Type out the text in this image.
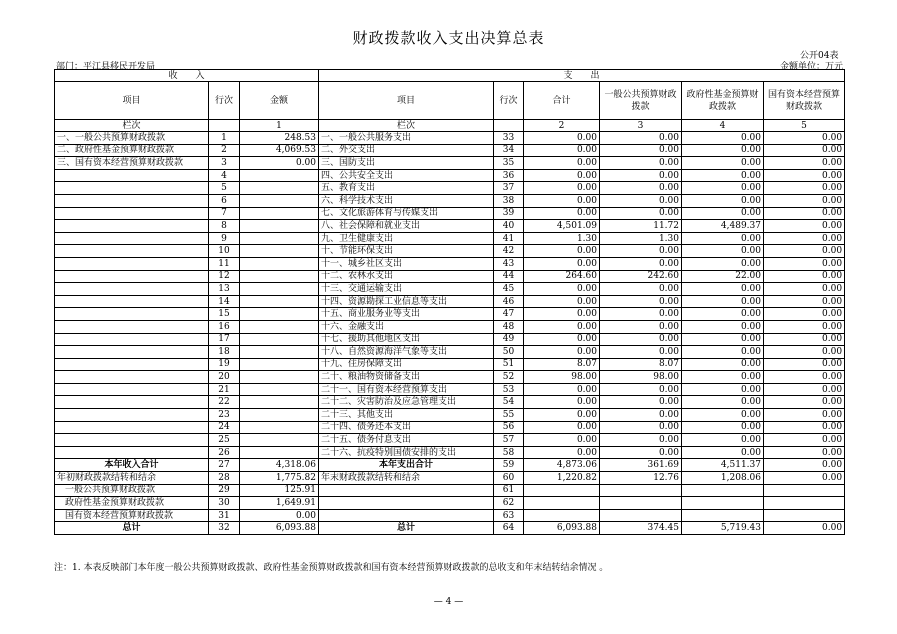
财政拨款收入支出决算总表
公开04表
部门：平江县移民开发局	金额单位：万元
收　　入			支　　出					
项目	行次	金额	项目	行次	合计	一般公共预算财政拨款	政府性基金预算财政拨款	国有资本经营预算财政拨款
栏次		1	栏次		2	3	4	5
一、一般公共预算财政拨款	1	248.53	一、一般公共服务支出	33	0.00	0.00	0.00	0.00
二、政府性基金预算财政拨款	2	4,069.53	二、外交支出	34	0.00	0.00	0.00	0.00
三、国有资本经营预算财政拨款	3	0.00	三、国防支出	35	0.00	0.00	0.00	0.00
	4		四、公共安全支出	36	0.00	0.00	0.00	0.00
	5		五、教育支出	37	0.00	0.00	0.00	0.00
	6		六、科学技术支出	38	0.00	0.00	0.00	0.00
	7		七、文化旅游体育与传媒支出	39	0.00	0.00	0.00	0.00
	8		八、社会保障和就业支出	40	4,501.09	11.72	4,489.37	0.00
	9		九、卫生健康支出	41	1.30	1.30	0.00	0.00
	10		十、节能环保支出	42	0.00	0.00	0.00	0.00
	11		十一、城乡社区支出	43	0.00	0.00	0.00	0.00
	12		十二、农林水支出	44	264.60	242.60	22.00	0.00
	13		十三、交通运输支出	45	0.00	0.00	0.00	0.00
	14		十四、资源勘探工业信息等支出	46	0.00	0.00	0.00	0.00
	15		十五、商业服务业等支出	47	0.00	0.00	0.00	0.00
	16		十六、金融支出	48	0.00	0.00	0.00	0.00
	17		十七、援助其他地区支出	49	0.00	0.00	0.00	0.00
	18		十八、自然资源海洋气象等支出	50	0.00	0.00	0.00	0.00
	19		十九、住房保障支出	51	8.07	8.07	0.00	0.00
	20		二十、粮油物资储备支出	52	98.00	98.00	0.00	0.00
	21		二十一、国有资本经营预算支出	53	0.00	0.00	0.00	0.00
	22		二十二、灾害防治及应急管理支出	54	0.00	0.00	0.00	0.00
	23		二十三、其他支出	55	0.00	0.00	0.00	0.00
	24		二十四、债务还本支出	56	0.00	0.00	0.00	0.00
	25		二十五、债务付息支出	57	0.00	0.00	0.00	0.00
	26		二十六、抗疫特别国债安排的支出	58	0.00	0.00	0.00	0.00
本年收入合计	27	4,318.06	本年支出合计	59	4,873.06	361.69	4,511.37	0.00
年初财政拨款结转和结余	28	1,775.82	年末财政拨款结转和结余	60	1,220.82	12.76	1,208.06	0.00
一般公共预算财政拨款	29	125.91		61				
政府性基金预算财政拨款	30	1,649.91		62				
国有资本经营预算财政拨款	31	0.00		63				
总计	32	6,093.88	总计	64	6,093.88	374.45	5,719.43	0.00
注：1. 本表反映部门本年度一般公共预算财政拨款、政府性基金预算财政拨款和国有资本经营预算财政拨款的总收支和年末结转结余情况 。
— 4 —
